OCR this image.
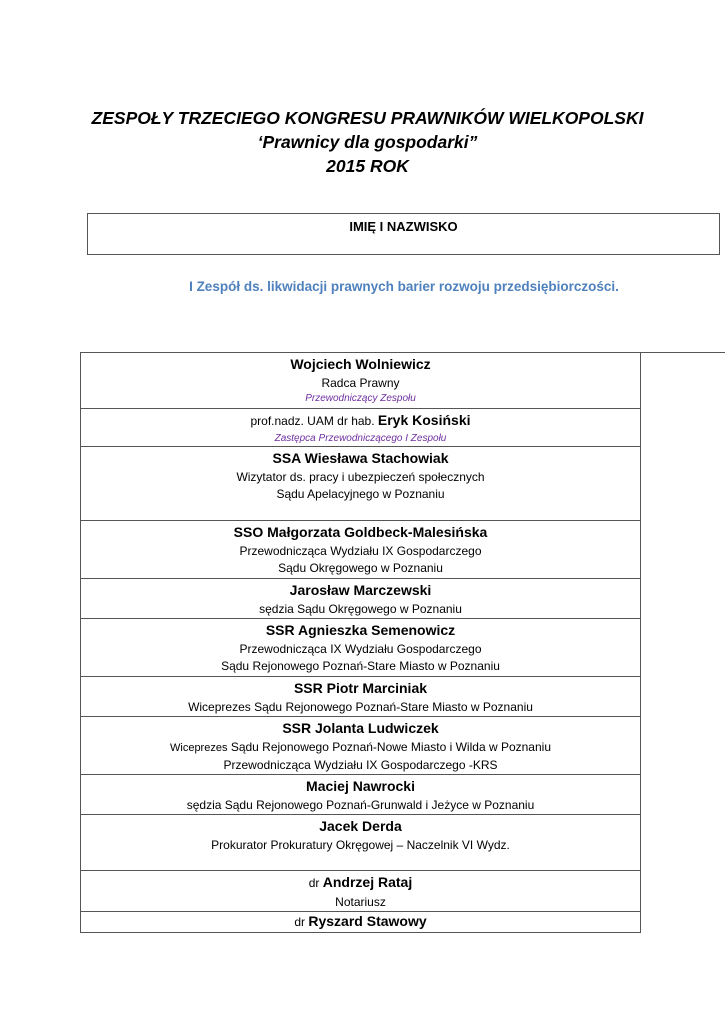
ZESPOŁY TRZECIEGO KONGRESU PRAWNIKÓW WIELKOPOLSKI
‘Prawnicy dla gospodarki”
2015 ROK
IMIĘ I NAZWISKO
I Zespół ds. likwidacji prawnych barier rozwoju przedsiębiorczości.
Wojciech Wolniewicz
Radca Prawny
Przewodniczący Zespołu

prof.nadz. UAM dr hab. Eryk Kosiński
Zastępca Przewodniczącego I Zespołu

SSA Wiesława Stachowiak
Wizytator ds. pracy i ubezpieczeń społecznych
Sądu Apelacyjnego w Poznaniu

SSO Małgorzata Goldbeck-Malesińska
Przewodnicząca Wydziału IX Gospodarczego
Sądu Okręgowego w Poznaniu

Jarosław Marczewski
sędzia Sądu Okręgowego w Poznaniu

SSR Agnieszka Semenowicz
Przewodnicząca IX Wydziału Gospodarczego
Sądu Rejonowego Poznań-Stare Miasto w Poznaniu

SSR Piotr Marciniak
Wiceprezes Sądu Rejonowego Poznań-Stare Miasto w Poznaniu

SSR Jolanta Ludwiczek
Wiceprezes Sądu Rejonowego Poznań-Nowe Miasto i Wilda w Poznaniu
Przewodnicząca Wydziału IX Gospodarczego -KRS

Maciej Nawrocki
sędzia Sądu Rejonowego Poznań-Grunwald i Jeżyce w Poznaniu

Jacek Derda
Prokurator Prokuratury Okręgowej – Naczelnik VI Wydz.

dr Andrzej Rataj
Notariusz

dr Ryszard Stawowy
